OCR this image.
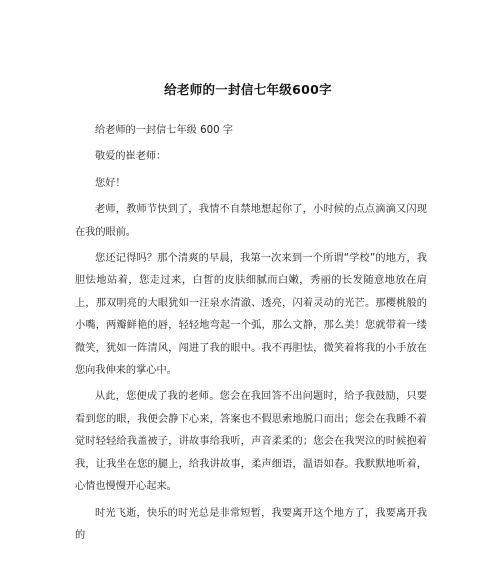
给老师的一封信七年级600字

给老师的一封信七年级 600 字

敬爱的崔老师：

您好！

老师，教师节快到了，我情不自禁地想起你了，小时候的点点滴滴又闪现在我的眼前。

您还记得吗？那个清爽的早晨，我第一次来到一个所谓“学校”的地方，我胆怯地站着，您走过来，白皙的皮肤细腻而白嫩，秀丽的长发随意地放在肩上，那双明亮的大眼犹如一汪泉水清澈、透亮，闪着灵动的光芒。那樱桃般的小嘴，两瓣鲜艳的唇，轻轻地弯起一个弧，那么文静，那么美！您就带着一缕微笑，犹如一阵清风，闯进了我的眼中。我不再胆怯，微笑着将我的小手放在您向我伸来的掌心中。

从此，您便成了我的老师。您会在我回答不出问题时，给予我鼓励，只要看到您的眼，我便会静下心来，答案也不假思索地脱口而出；您会在我睡不着觉时轻轻给我盖被子，讲故事给我听，声音柔柔的；您会在我哭泣的时候抱着我，让我坐在您的腿上，给我讲故事，柔声细语，温语如春。我默默地听着，心情也慢慢开心起来。

时光飞逝，快乐的时光总是非常短暂，我要离开这个地方了，我要离开我的
